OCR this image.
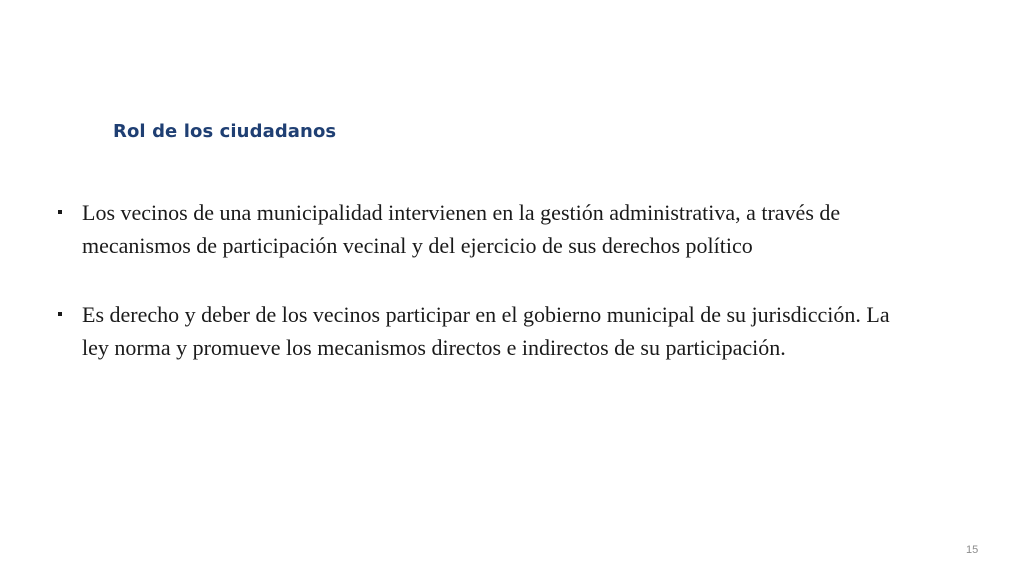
Rol de los ciudadanos
Los vecinos de una municipalidad intervienen en la gestión administrativa, a través de mecanismos de participación vecinal y del ejercicio de sus derechos político
Es derecho y deber de los vecinos participar en el gobierno municipal de su jurisdicción. La ley norma y promueve los mecanismos directos e indirectos de su participación.
15
